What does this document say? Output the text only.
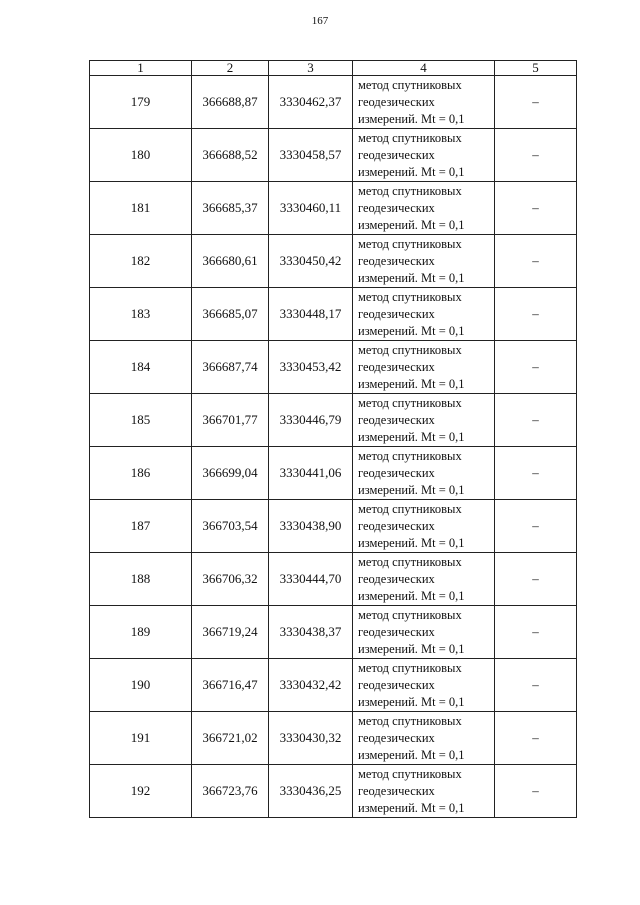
167
1	2	3	4	5
179	366688,87	3330462,37	метод спутниковых геодезических измерений. Mt = 0,1	–
180	366688,52	3330458,57	метод спутниковых геодезических измерений. Mt = 0,1	–
181	366685,37	3330460,11	метод спутниковых геодезических измерений. Mt = 0,1	–
182	366680,61	3330450,42	метод спутниковых геодезических измерений. Mt = 0,1	–
183	366685,07	3330448,17	метод спутниковых геодезических измерений. Mt = 0,1	–
184	366687,74	3330453,42	метод спутниковых геодезических измерений. Mt = 0,1	–
185	366701,77	3330446,79	метод спутниковых геодезических измерений. Mt = 0,1	–
186	366699,04	3330441,06	метод спутниковых геодезических измерений. Mt = 0,1	–
187	366703,54	3330438,90	метод спутниковых геодезических измерений. Mt = 0,1	–
188	366706,32	3330444,70	метод спутниковых геодезических измерений. Mt = 0,1	–
189	366719,24	3330438,37	метод спутниковых геодезических измерений. Mt = 0,1	–
190	366716,47	3330432,42	метод спутниковых геодезических измерений. Mt = 0,1	–
191	366721,02	3330430,32	метод спутниковых геодезических измерений. Mt = 0,1	–
192	366723,76	3330436,25	метод спутниковых геодезических измерений. Mt = 0,1	–
